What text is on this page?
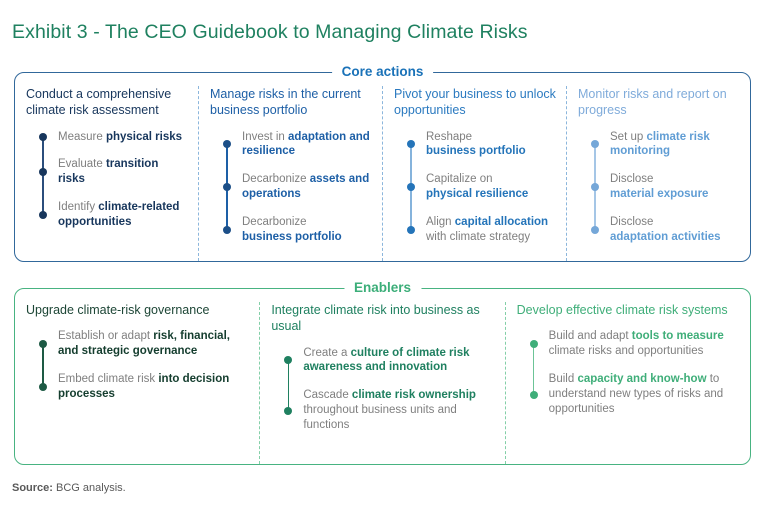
Exhibit 3 - The CEO Guidebook to Managing Climate Risks
Core actions
Conduct a comprehensive climate risk assessment
Measure physical risks
Evaluate transition risks
Identify climate-related opportunities
Manage risks in the current business portfolio
Invest in adaptation and resilience
Decarbonize assets and operations
Decarbonize
business portfolio
Pivot your business to unlock opportunities
Reshape
business portfolio
Capitalize on
physical resilience
Align capital allocation with climate strategy
Monitor risks and report on progress
Set up climate risk monitoring
Disclose
material exposure
Disclose
adaptation activities
Enablers
Upgrade climate-risk governance
Establish or adapt risk, financial, and strategic governance
Embed climate risk into decision processes
Integrate climate risk into business as usual
Create a culture of climate risk awareness and innovation
Cascade climate risk ownership throughout business units and functions
Develop effective climate risk systems
Build and adapt tools to measure climate risks and opportunities
Build capacity and know-how to understand new types of risks and opportunities
Source: BCG analysis.
